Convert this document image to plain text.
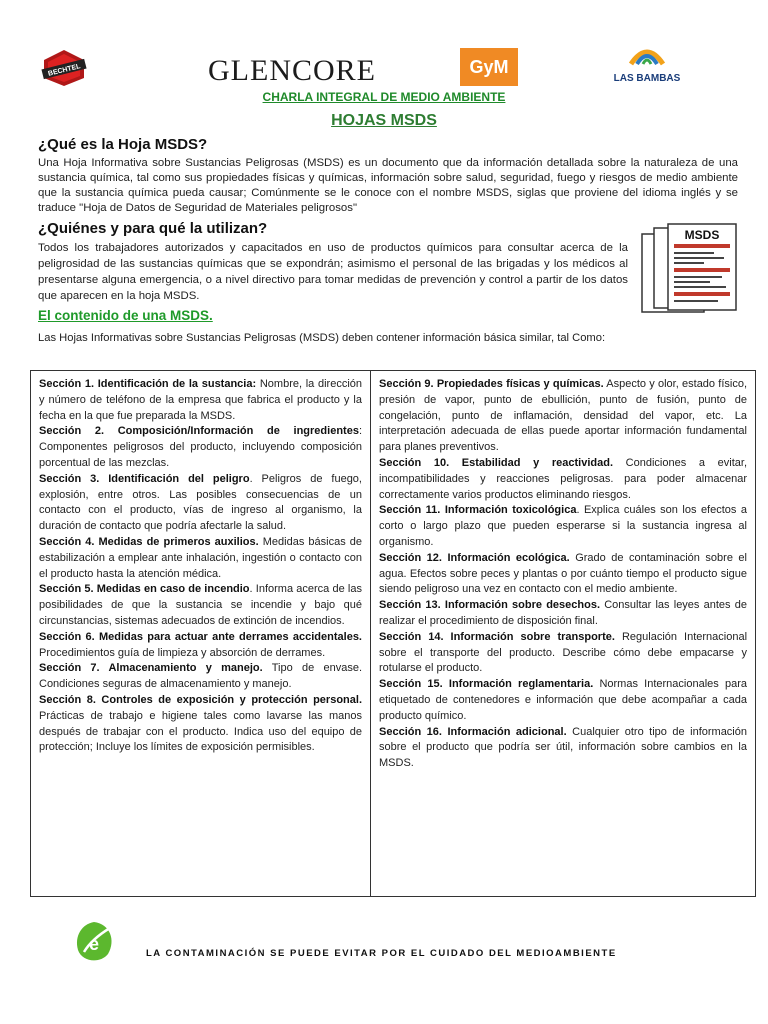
BECHTEL	GLENCORE	GyM
LAS BAMBAS
CHARLA INTEGRAL DE MEDIO AMBIENTE
HOJAS MSDS
¿Qué es la Hoja MSDS?

Una Hoja Informativa sobre Sustancias Peligrosas (MSDS) es un documento que da información detallada sobre la naturaleza de una sustancia química, tal como sus propiedades físicas y químicas, información sobre salud, seguridad, fuego y riesgos de medio ambiente que la sustancia química pueda causar; Comúnmente se le conoce con el nombre MSDS, siglas que proviene del idioma inglés y se traduce "Hoja de Datos de Seguridad de Materiales peligrosos"

¿Quiénes y para qué la utilizan?

Todos los trabajadores autorizados y capacitados en uso de productos químicos para consultar acerca de la peligrosidad de las sustancias químicas que se expondrán; asimismo el personal de las brigadas y los médicos al presentarse alguna emergencia, o a nivel directivo para tomar medidas de prevención y control a partir de los datos que aparecen en la hoja MSDS.

MSDS
El contenido de una MSDS.

Las Hojas Informativas sobre Sustancias Peligrosas (MSDS) deben contener información básica similar, tal Como:

Sección 1. Identificación de la sustancia: Nombre, la dirección y número de teléfono de la empresa que fabrica el producto y la fecha en la que fue preparada la MSDS.

Sección 2. Composición/Información de ingredientes: Componentes peligrosos del producto, incluyendo composición porcentual de las mezclas.

Sección 3. Identificación del peligro. Peligros de fuego, explosión, entre otros. Las posibles consecuencias de un contacto con el producto, vías de ingreso al organismo, la duración de contacto que podría afectarle la salud.

Sección 4. Medidas de primeros auxilios. Medidas básicas de estabilización a emplear ante inhalación, ingestión o contacto con el producto hasta la atención médica.

Sección 5. Medidas en caso de incendio. Informa acerca de las posibilidades de que la sustancia se incendie y bajo qué circunstancias, sistemas adecuados de extinción de incendios.

Sección 6. Medidas para actuar ante derrames accidentales. Procedimientos guía de limpieza y absorción de derrames.

Sección 7. Almacenamiento y manejo. Tipo de envase. Condiciones seguras de almacenamiento y manejo.

Sección 8. Controles de exposición y protección personal. Prácticas de trabajo e higiene tales como lavarse las manos después de trabajar con el producto. Indica uso del equipo de protección; Incluye los límites de exposición permisibles.

Sección 9. Propiedades físicas y químicas. Aspecto y olor, estado físico, presión de vapor, punto de ebullición, punto de fusión, punto de congelación, punto de inflamación, densidad del vapor, etc. La interpretación adecuada de ellas puede aportar información fundamental para planes preventivos.

Sección 10. Estabilidad y reactividad. Condiciones a evitar, incompatibilidades y reacciones peligrosas. para poder almacenar correctamente varios productos eliminando riesgos.

Sección 11. Información toxicológica. Explica cuáles son los efectos a corto o largo plazo que pueden esperarse si la sustancia ingresa al organismo.

Sección 12. Información ecológica. Grado de contaminación sobre el agua. Efectos sobre peces y plantas o por cuánto tiempo el producto sigue siendo peligroso una vez en contacto con el medio ambiente.

Sección 13. Información sobre desechos. Consultar las leyes antes de realizar el procedimiento de disposición final.

Sección 14. Información sobre transporte. Regulación Internacional sobre el transporte del producto. Describe cómo debe empacarse y rotularse el producto.

Sección 15. Información reglamentaria. Normas Internacionales para etiquetado de contenedores e información que debe acompañar a cada producto químico.

Sección 16. Información adicional. Cualquier otro tipo de información sobre el producto que podría ser útil, información sobre cambios en la MSDS.

e	LA CONTAMINACIÓN SE PUEDE EVITAR POR EL CUIDADO DEL MEDIOAMBIENTE
